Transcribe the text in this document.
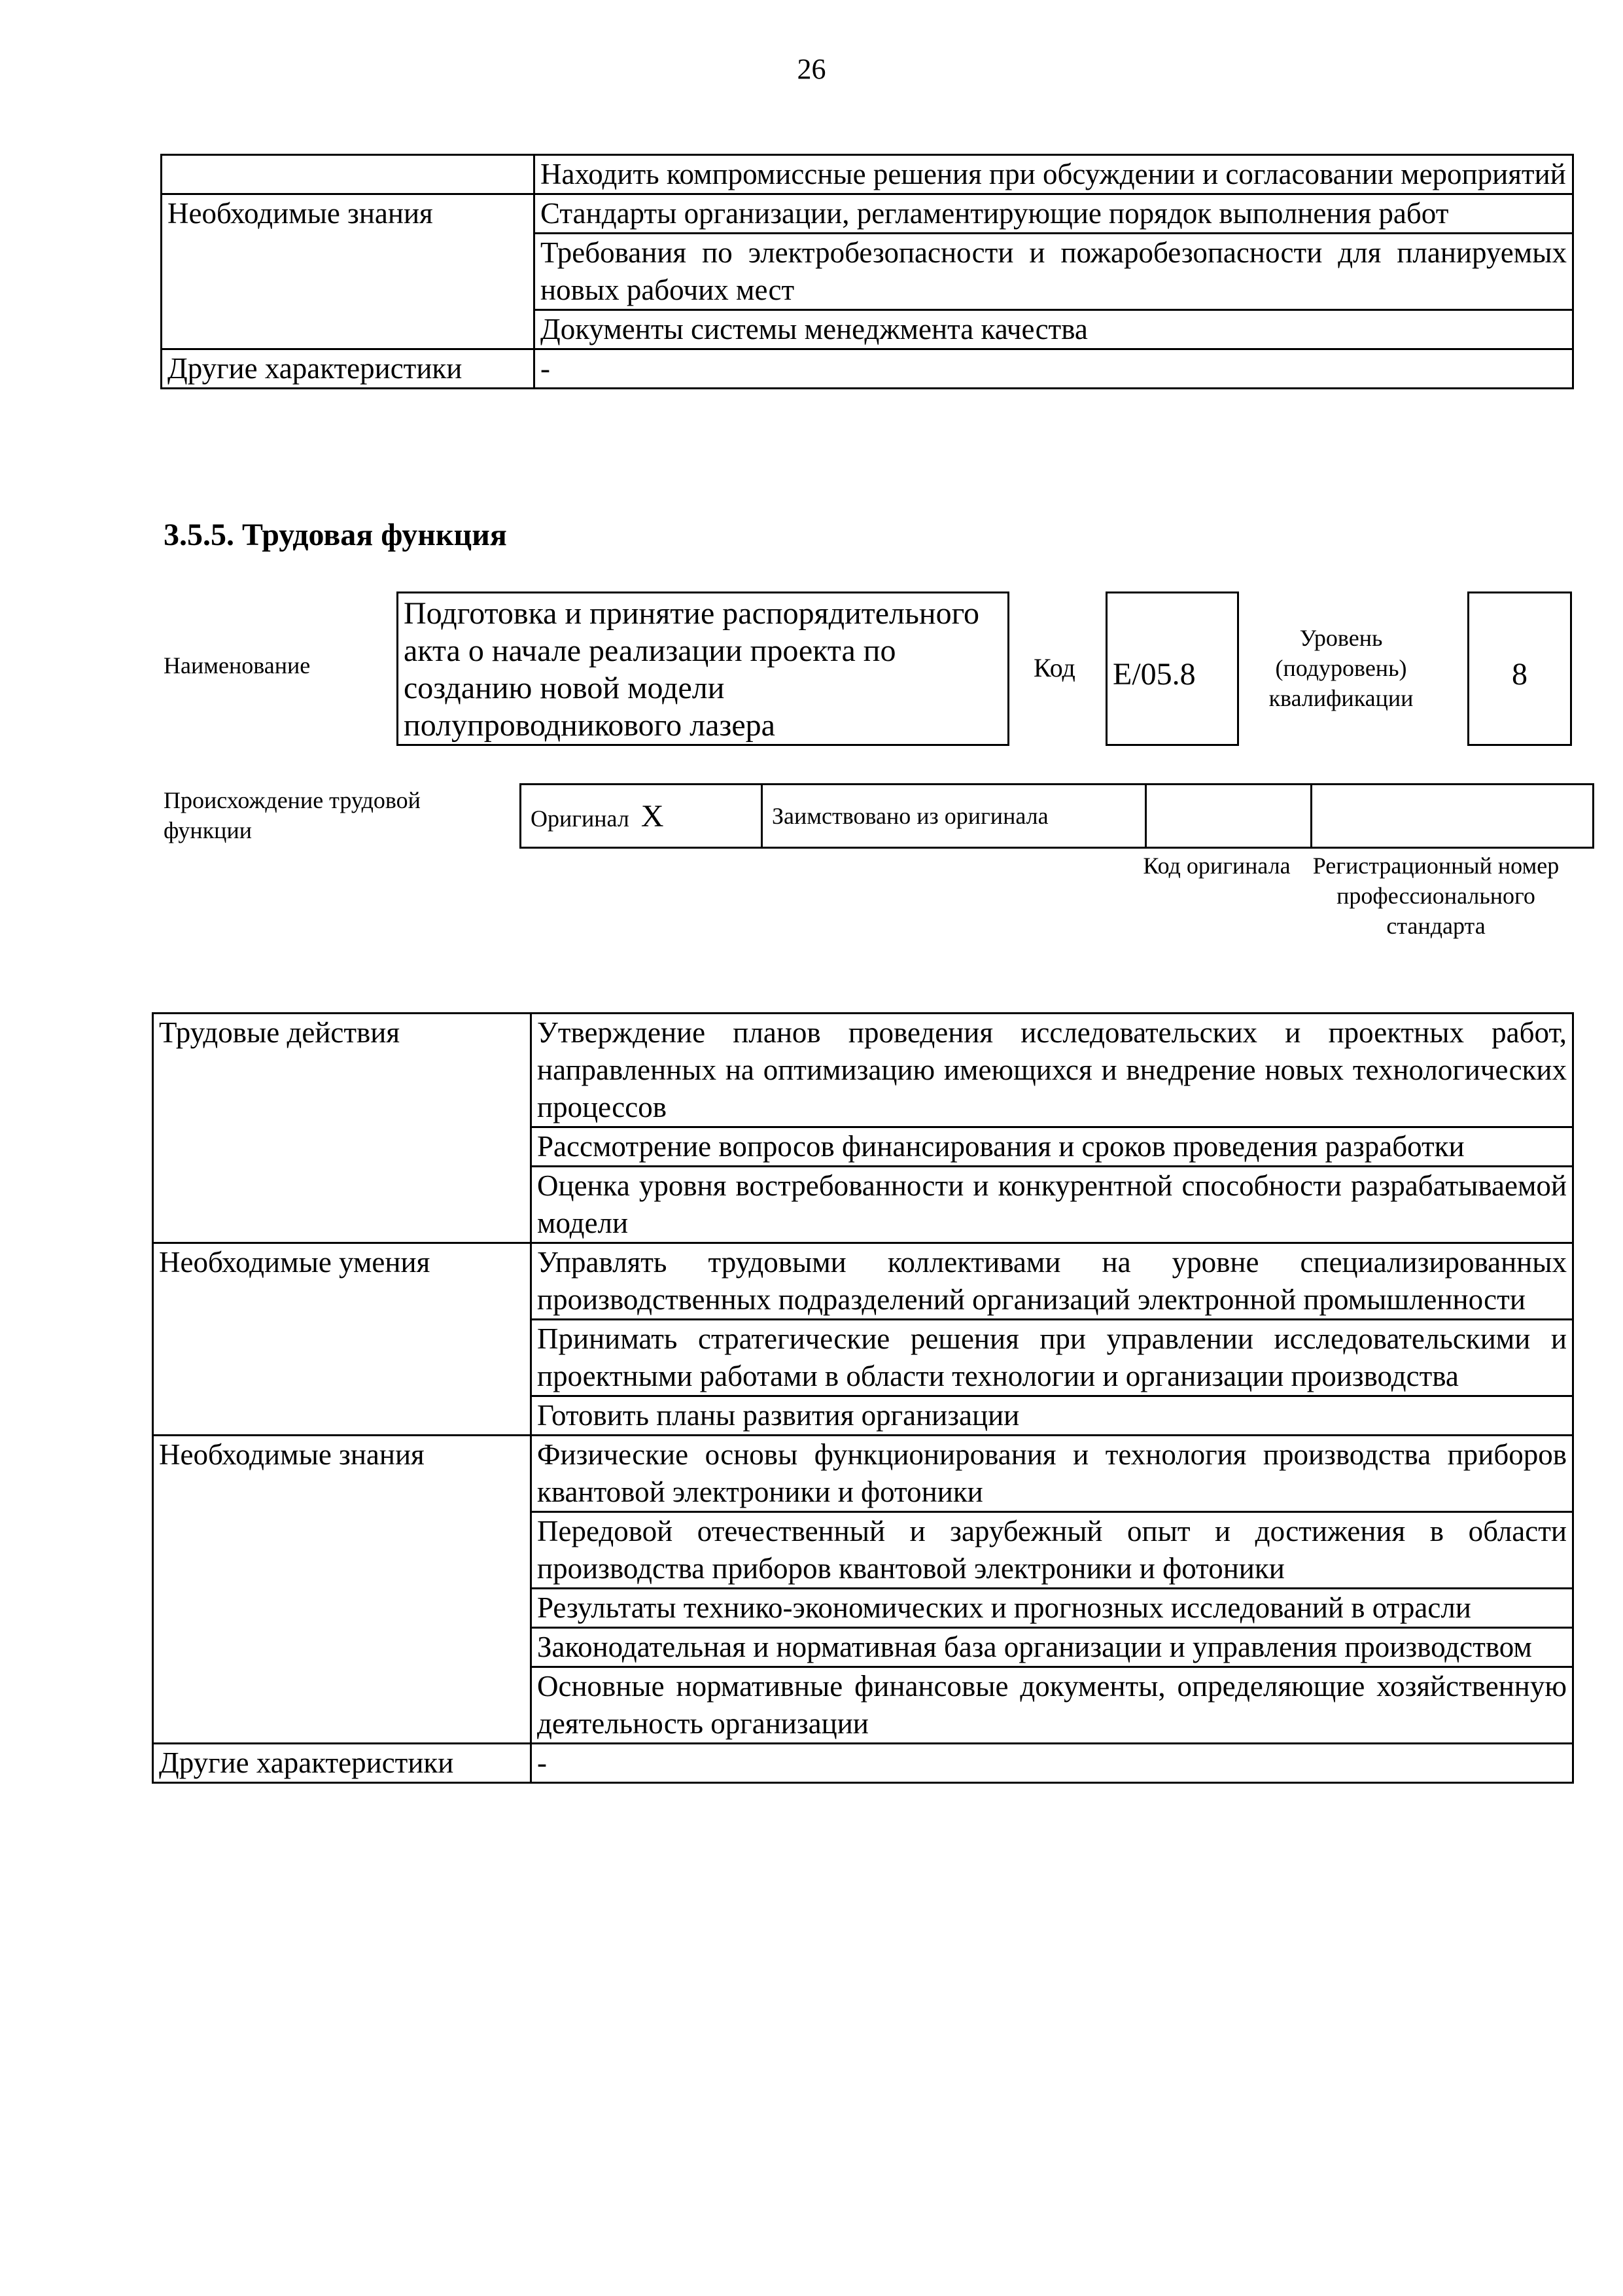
26
	Находить компромиссные решения при обсуждении и согласовании мероприятий
Необходимые знания	Стандарты организации, регламентирующие порядок выполнения работ
	Требования по электробезопасности и пожаробезопасности для планируемых новых рабочих мест
	Документы системы менеджмента качества
Другие характеристики	-
3.5.5. Трудовая функция
Наименование
Подготовка и принятие распорядительного акта о начале реализации проекта по созданию новой модели полупроводникового лазера
Код E/05.8
Уровень (подуровень) квалификации
8
Происхождение трудовой функции	Оригинал X	Заимствовано из оригинала		
Код оригинала Регистрационный номер профессионального стандарта
Трудовые действия	Утверждение планов проведения исследовательских и проектных работ, направленных на оптимизацию имеющихся и внедрение новых технологических процессов
	Рассмотрение вопросов финансирования и сроков проведения разработки
	Оценка уровня востребованности и конкурентной способности разрабатываемой модели
Необходимые умения	Управлять трудовыми коллективами на уровне специализированных производственных подразделений организаций электронной промышленности
	Принимать стратегические решения при управлении исследовательскими и проектными работами в области технологии и организации производства
	Готовить планы развития организации
Необходимые знания	Физические основы функционирования и технология производства приборов квантовой электроники и фотоники
	Передовой отечественный и зарубежный опыт и достижения в области производства приборов квантовой электроники и фотоники
	Результаты технико-экономических и прогнозных исследований в отрасли
	Законодательная и нормативная база организации и управления производством
	Основные нормативные финансовые документы, определяющие хозяйственную деятельность организации
Другие характеристики	-
